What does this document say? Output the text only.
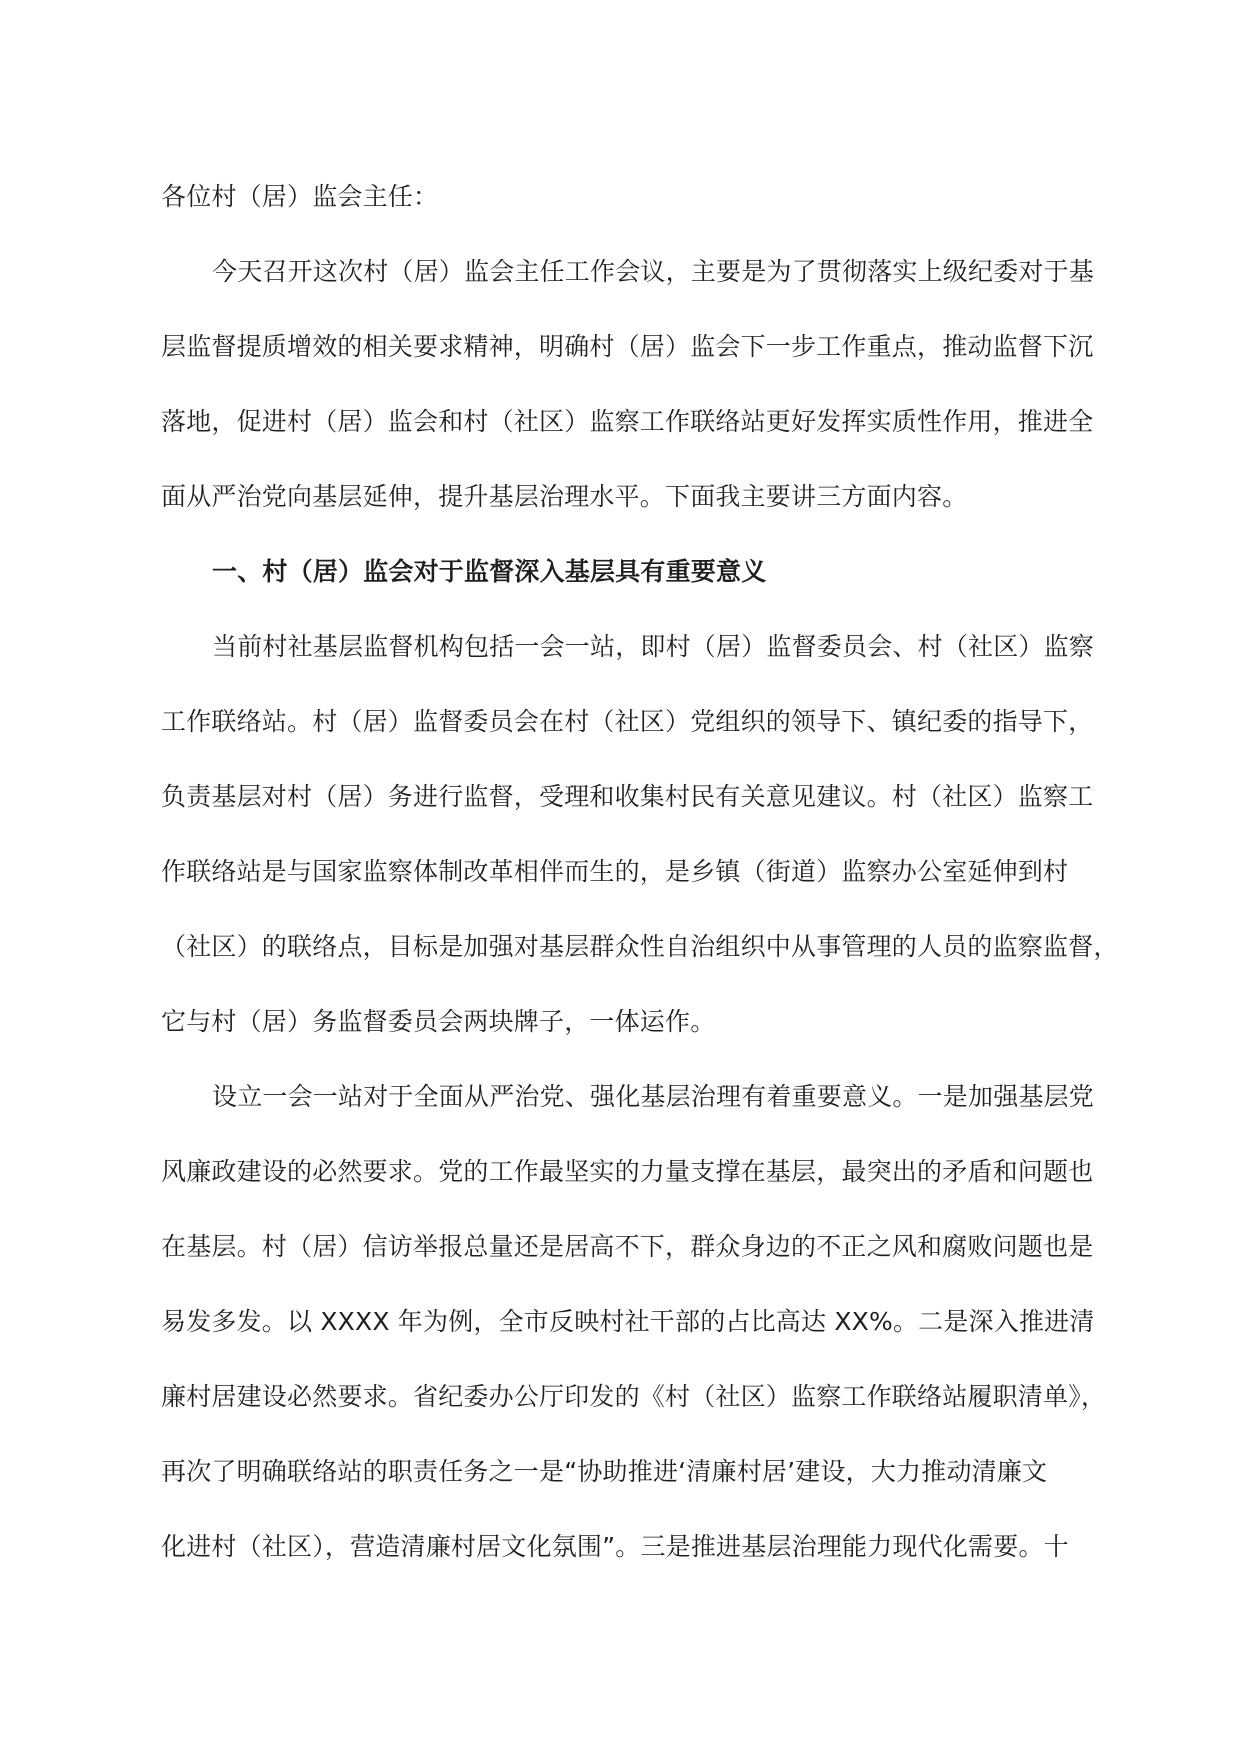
各位村（居）监会主任：
今天召开这次村（居）监会主任工作会议，主要是为了贯彻落实上级纪委对于基
层监督提质增效的相关要求精神，明确村（居）监会下一步工作重点，推动监督下沉
落地，促进村（居）监会和村（社区）监察工作联络站更好发挥实质性作用，推进全
面从严治党向基层延伸，提升基层治理水平。下面我主要讲三方面内容。
一、村（居）监会对于监督深入基层具有重要意义
当前村社基层监督机构包括一会一站，即村（居）监督委员会、村（社区）监察
工作联络站。村（居）监督委员会在村（社区）党组织的领导下、镇纪委的指导下，
负责基层对村（居）务进行监督，受理和收集村民有关意见建议。村（社区）监察工
作联络站是与国家监察体制改革相伴而生的，是乡镇（街道）监察办公室延伸到村
（社区）的联络点，目标是加强对基层群众性自治组织中从事管理的人员的监察监督，
它与村（居）务监督委员会两块牌子，一体运作。
设立一会一站对于全面从严治党、强化基层治理有着重要意义。一是加强基层党
风廉政建设的必然要求。党的工作最坚实的力量支撑在基层，最突出的矛盾和问题也
在基层。村（居）信访举报总量还是居高不下，群众身边的不正之风和腐败问题也是
易发多发。以 XXXX 年为例，全市反映村社干部的占比高达 XX%。二是深入推进清
廉村居建设必然要求。省纪委办公厅印发的《村（社区）监察工作联络站履职清单》，
再次了明确联络站的职责任务之一是“协助推进‘清廉村居’建设，大力推动清廉文
化进村（社区），营造清廉村居文化氛围”。三是推进基层治理能力现代化需要。十
